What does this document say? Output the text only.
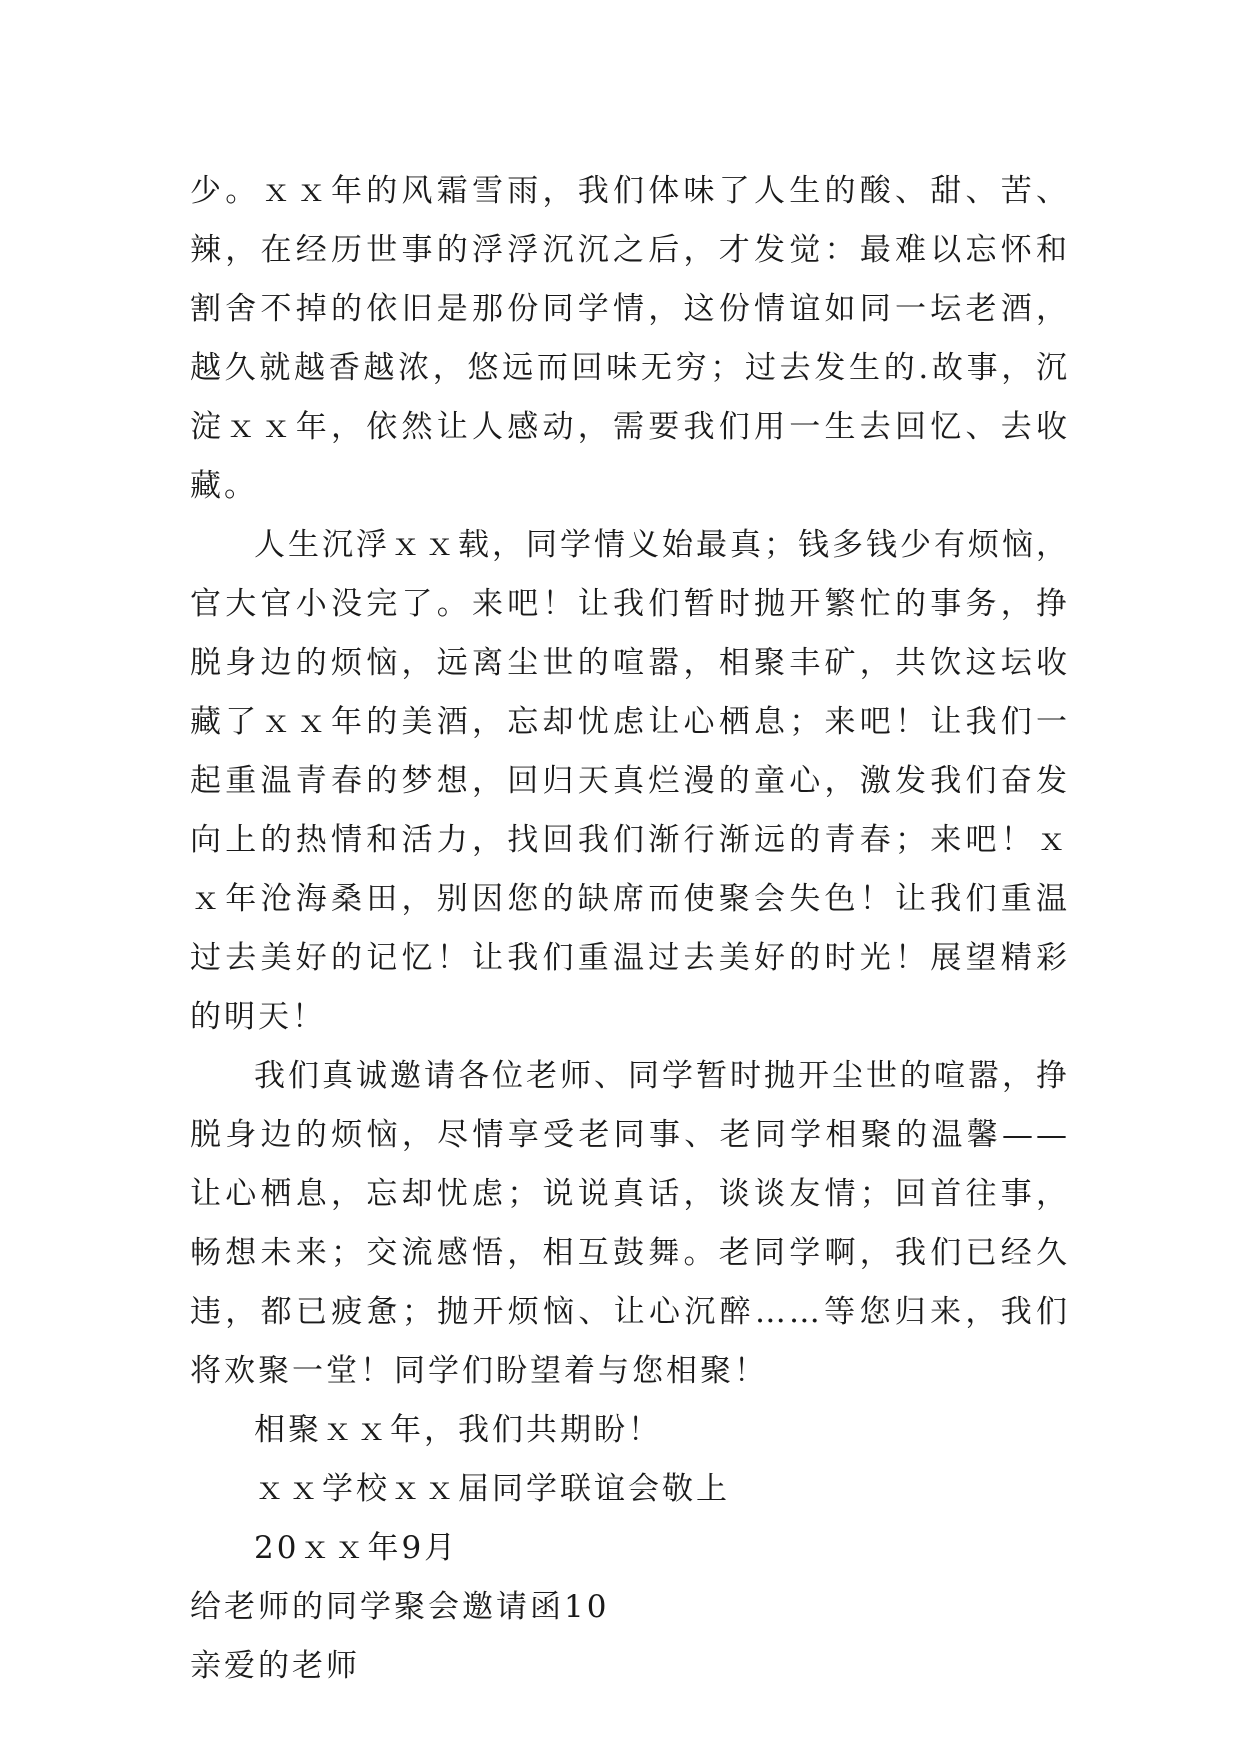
少。ｘｘ年的风霜雪雨，我们体味了人生的酸、甜、苦、辣，在经历世事的浮浮沉沉之后，才发觉：最难以忘怀和割舍不掉的依旧是那份同学情，这份情谊如同一坛老酒，越久就越香越浓，悠远而回味无穷；过去发生的.故事，沉淀ｘｘ年，依然让人感动，需要我们用一生去回忆、去收藏。

人生沉浮ｘｘ载，同学情义始最真；钱多钱少有烦恼，官大官小没完了。来吧！让我们暂时抛开繁忙的事务，挣脱身边的烦恼，远离尘世的喧嚣，相聚丰矿，共饮这坛收藏了ｘｘ年的美酒，忘却忧虑让心栖息；来吧！让我们一起重温青春的梦想，回归天真烂漫的童心，激发我们奋发向上的热情和活力，找回我们渐行渐远的青春；来吧！ｘｘ年沧海桑田，别因您的缺席而使聚会失色！让我们重温过去美好的记忆！让我们重温过去美好的时光！展望精彩的明天！

我们真诚邀请各位老师、同学暂时抛开尘世的喧嚣，挣脱身边的烦恼，尽情享受老同事、老同学相聚的温馨——让心栖息，忘却忧虑；说说真话，谈谈友情；回首往事，畅想未来；交流感悟，相互鼓舞。老同学啊，我们已经久违，都已疲惫；抛开烦恼、让心沉醉……等您归来，我们将欢聚一堂！同学们盼望着与您相聚！

相聚ｘｘ年，我们共期盼！

ｘｘ学校ｘｘ届同学联谊会敬上

20ｘｘ年9月

给老师的同学聚会邀请函10

亲爱的老师
